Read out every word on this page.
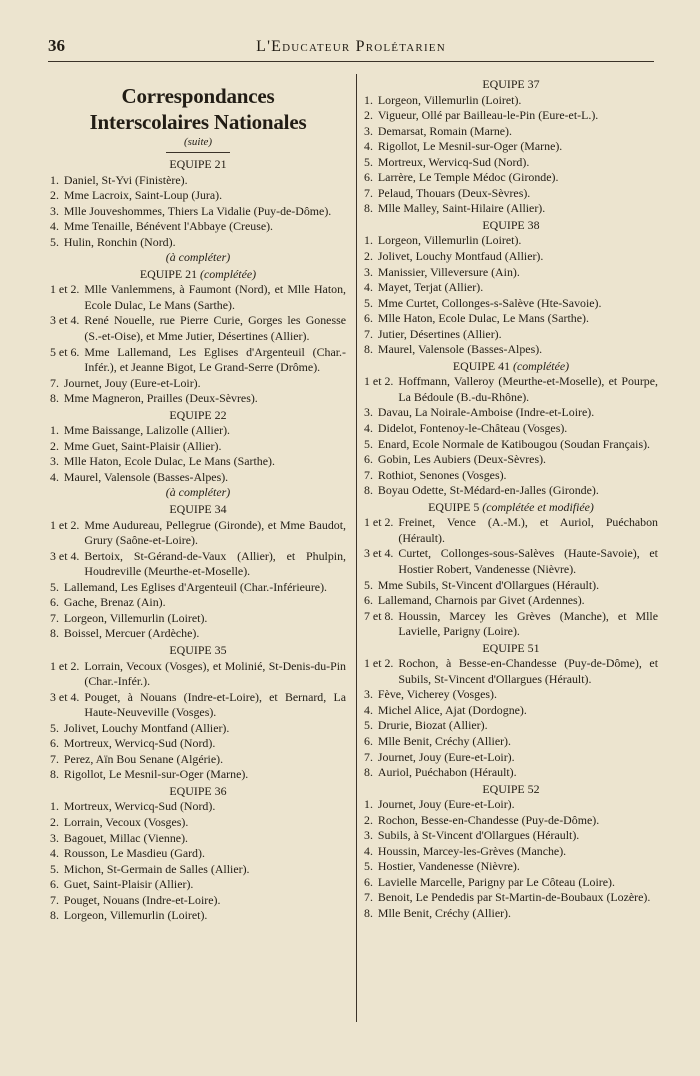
36	L'Educateur Prolétarien
Correspondances
Interscolaires Nationales
(suite)
EQUIPE 21
1. Daniel, St-Yvi (Finistère).
2. Mme Lacroix, Saint-Loup (Jura).
3. Mlle Jouveshommes, Thiers La Vidalie (Puy-de-Dôme).
4. Mme Tenaille, Bénévent l'Abbaye (Creuse).
5. Hulin, Ronchin (Nord).
(à compléter)
EQUIPE 21 (complétée)
1 et 2. Mlle Vanlemmens, à Faumont (Nord), et Mlle Haton, Ecole Dulac, Le Mans (Sarthe).
3 et 4. René Nouelle, rue Pierre Curie, Gorges les Gonesse (S.-et-Oise), et Mme Jutier, Désertines (Allier).
5 et 6. Mme Lallemand, Les Eglises d'Argenteuil (Char.-Infér.), et Jeanne Bigot, Le Grand-Serre (Drôme).
7. Journet, Jouy (Eure-et-Loir).
8. Mme Magneron, Prailles (Deux-Sèvres).
EQUIPE 22
1. Mme Baissange, Lalizolle (Allier).
2. Mme Guet, Saint-Plaisir (Allier).
3. Mlle Haton, Ecole Dulac, Le Mans (Sarthe).
4. Maurel, Valensole (Basses-Alpes).
(à compléter)
EQUIPE 34
1 et 2. Mme Audureau, Pellegrue (Gironde), et Mme Baudot, Grury (Saône-et-Loire).
3 et 4. Bertoix, St-Gérand-de-Vaux (Allier), et Phulpin, Houdreville (Meurthe-et-Moselle).
5. Lallemand, Les Eglises d'Argenteuil (Char.-Inférieure).
6. Gache, Brenaz (Ain).
7. Lorgeon, Villemurlin (Loiret).
8. Boissel, Mercuer (Ardèche).
EQUIPE 35
1 et 2. Lorrain, Vecoux (Vosges), et Molinié, St-Denis-du-Pin (Char.-Infér.).
3 et 4. Pouget, à Nouans (Indre-et-Loire), et Bernard, La Haute-Neuveville (Vosges).
5. Jolivet, Louchy Montfand (Allier).
6. Mortreux, Wervicq-Sud (Nord).
7. Perez, Aïn Bou Senane (Algérie).
8. Rigollot, Le Mesnil-sur-Oger (Marne).
EQUIPE 36
1. Mortreux, Wervicq-Sud (Nord).
2. Lorrain, Vecoux (Vosges).
3. Bagouet, Millac (Vienne).
4. Rousson, Le Masdieu (Gard).
5. Michon, St-Germain de Salles (Allier).
6. Guet, Saint-Plaisir (Allier).
7. Pouget, Nouans (Indre-et-Loire).
8. Lorgeon, Villemurlin (Loiret).
EQUIPE 37
1. Lorgeon, Villemurlin (Loiret).
2. Vigueur, Ollé par Bailleau-le-Pin (Eure-et-L.).
3. Demarsat, Romain (Marne).
4. Rigollot, Le Mesnil-sur-Oger (Marne).
5. Mortreux, Wervicq-Sud (Nord).
6. Larrère, Le Temple Médoc (Gironde).
7. Pelaud, Thouars (Deux-Sèvres).
8. Mlle Malley, Saint-Hilaire (Allier).
EQUIPE 38
1. Lorgeon, Villemurlin (Loiret).
2. Jolivet, Louchy Montfaud (Allier).
3. Manissier, Villeversure (Ain).
4. Mayet, Terjat (Allier).
5. Mme Curtet, Collonges-s-Salève (Hte-Savoie).
6. Mlle Haton, Ecole Dulac, Le Mans (Sarthe).
7. Jutier, Désertines (Allier).
8. Maurel, Valensole (Basses-Alpes).
EQUIPE 41 (complétée)
1 et 2. Hoffmann, Valleroy (Meurthe-et-Moselle), et Pourpe, La Bédoule (B.-du-Rhône).
3. Davau, La Noirale-Amboise (Indre-et-Loire).
4. Didelot, Fontenoy-le-Château (Vosges).
5. Enard, Ecole Normale de Katibougou (Soudan Français).
6. Gobin, Les Aubiers (Deux-Sèvres).
7. Rothiot, Senones (Vosges).
8. Boyau Odette, St-Médard-en-Jalles (Gironde).
EQUIPE 5 (complétée et modifiée)
1 et 2. Freinet, Vence (A.-M.), et Auriol, Puéchabon (Hérault).
3 et 4. Curtet, Collonges-sous-Salèves (Haute-Savoie), et Hostier Robert, Vandenesse (Nièvre).
5. Mme Subils, St-Vincent d'Ollargues (Hérault).
6. Lallemand, Charnois par Givet (Ardennes).
7 et 8. Houssin, Marcey les Grèves (Manche), et Mlle Lavielle, Parigny (Loire).
EQUIPE 51
1 et 2. Rochon, à Besse-en-Chandesse (Puy-de-Dôme), et Subils, St-Vincent d'Ollargues (Hérault).
3. Fève, Vicherey (Vosges).
4. Michel Alice, Ajat (Dordogne).
5. Drurie, Biozat (Allier).
6. Mlle Benit, Créchy (Allier).
7. Journet, Jouy (Eure-et-Loir).
8. Auriol, Puéchabon (Hérault).
EQUIPE 52
1. Journet, Jouy (Eure-et-Loir).
2. Rochon, Besse-en-Chandesse (Puy-de-Dôme).
3. Subils, à St-Vincent d'Ollargues (Hérault).
4. Houssin, Marcey-les-Grèves (Manche).
5. Hostier, Vandenesse (Nièvre).
6. Lavielle Marcelle, Parigny par Le Côteau (Loire).
7. Benoit, Le Pendedis par St-Martin-de-Boubaux (Lozère).
8. Mlle Benit, Créchy (Allier).
